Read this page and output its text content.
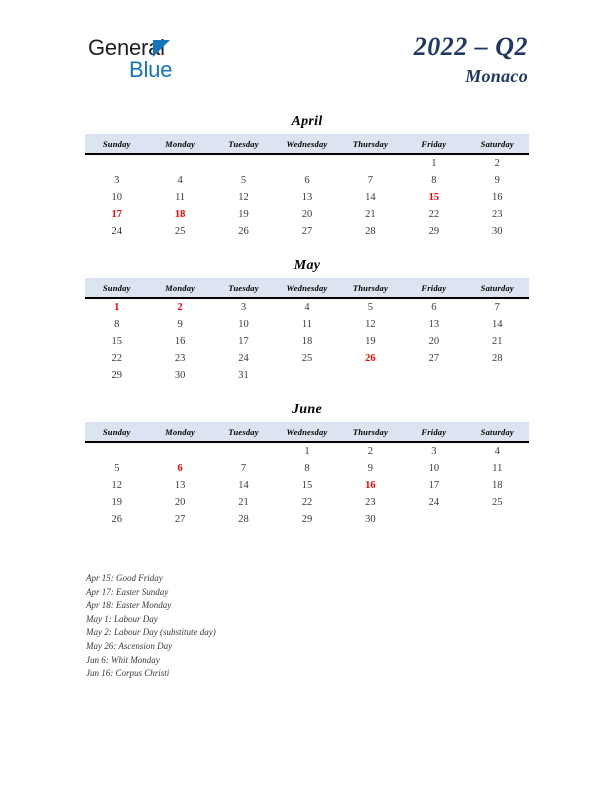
General
Blue
2022 – Q2
Monaco
April
Sunday	Monday	Tuesday	Wednesday	Thursday	Friday	Saturday
					1	2
3	4	5	6	7	8	9
10	11	12	13	14	15	16
17	18	19	20	21	22	23
24	25	26	27	28	29	30
May
Sunday	Monday	Tuesday	Wednesday	Thursday	Friday	Saturday
1	2	3	4	5	6	7
8	9	10	11	12	13	14
15	16	17	18	19	20	21
22	23	24	25	26	27	28
29	30	31				
June
Sunday	Monday	Tuesday	Wednesday	Thursday	Friday	Saturday
			1	2	3	4
5	6	7	8	9	10	11
12	13	14	15	16	17	18
19	20	21	22	23	24	25
26	27	28	29	30		
Apr 15: Good Friday
Apr 17: Easter Sunday
Apr 18: Easter Monday
May 1: Labour Day
May 2: Labour Day (substitute day)
May 26: Ascension Day
Jun 6: Whit Monday
Jun 16: Corpus Christi
